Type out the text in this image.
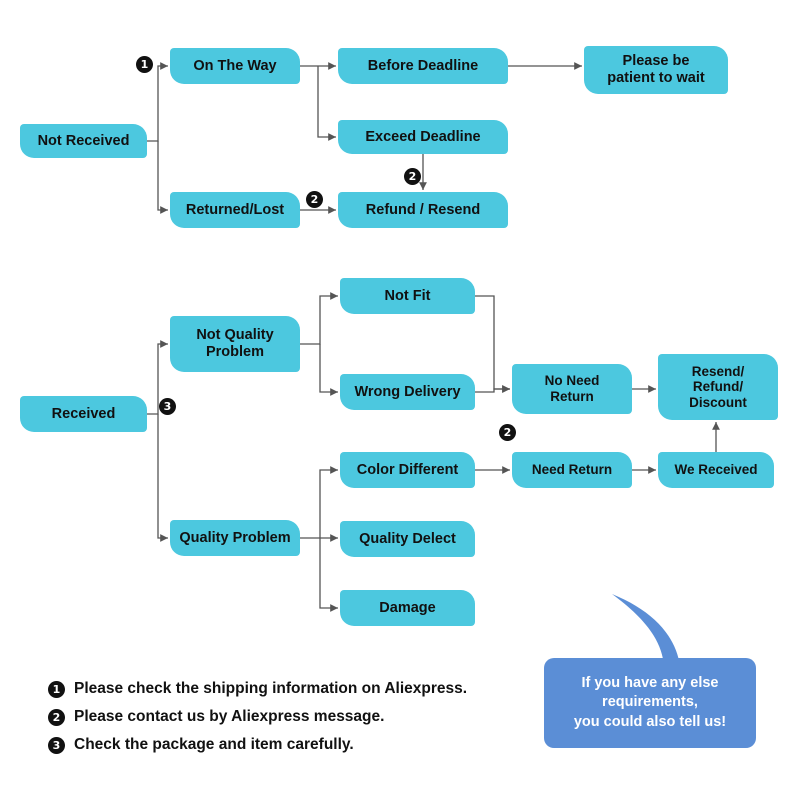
Not Received
On The Way
Returned/Lost
Before Deadline
Exceed Deadline
Refund / Resend
Please be
patient to wait
Received
Not Quality
Problem
Quality Problem
Not Fit
Wrong Delivery
Color Different
Quality Delect
Damage
No Need
Return
Need Return	We Received
Resend/
Refund/
Discount
1
2
2
3
2
1 Please check the shipping information on Aliexpress.
2 Please contact us by Aliexpress message.
3 Check the package and item carefully.
If you have any else requirements,
you could also tell us!
